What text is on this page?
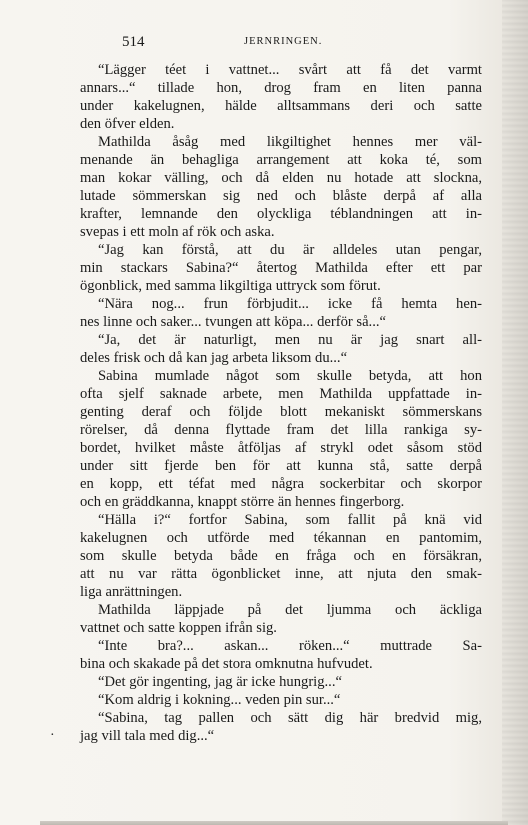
514	JERNRINGEN.
“Lägger téet i vattnet... svårt att få det varmt
annars...“ tillade hon, drog fram en liten panna
under kakelugnen, hälde alltsammans deri och satte
den öfver elden.
Mathilda åsåg med likgiltighet hennes mer väl-
menande än behagliga arrangement att koka té, som
man kokar välling, och då elden nu hotade att slockna,
lutade sömmerskan sig ned och blåste derpå af alla
krafter, lemnande den olyckliga téblandningen att in-
svepas i ett moln af rök och aska.
“Jag kan förstå, att du är alldeles utan pengar,
min stackars Sabina?“ återtog Mathilda efter ett par
ögonblick, med samma likgiltiga uttryck som förut.
“Nära nog... frun förbjudit... icke få hemta hen-
nes linne och saker... tvungen att köpa... derför så...“
“Ja, det är naturligt, men nu är jag snart all-
deles frisk och då kan jag arbeta liksom du...“
Sabina mumlade något som skulle betyda, att hon
ofta sjelf saknade arbete, men Mathilda uppfattade in-
genting deraf och följde blott mekaniskt sömmerskans
rörelser, då denna flyttade fram det lilla rankiga sy-
bordet, hvilket måste åtföljas af strykl odet såsom stöd
under sitt fjerde ben för att kunna stå, satte derpå
en kopp, ett téfat med några sockerbitar och skorpor
och en gräddkanna, knappt större än hennes fingerborg.
“Hälla i?“ fortfor Sabina, som fallit på knä vid
kakelugnen och utförde med tékannan en pantomim,
som skulle betyda både en fråga och en försäkran,
att nu var rätta ögonblicket inne, att njuta den smak-
liga anrättningen.
Mathilda läppjade på det ljumma och äckliga
vattnet och satte koppen ifrån sig.
“Inte bra?... askan... röken...“ muttrade Sa-
bina och skakade på det stora omknutna hufvudet.
“Det gör ingenting, jag är icke hungrig...“
“Kom aldrig i kokning... veden pin sur...“
“Sabina, tag pallen och sätt dig här bredvid mig,
· jag vill tala med dig...“
